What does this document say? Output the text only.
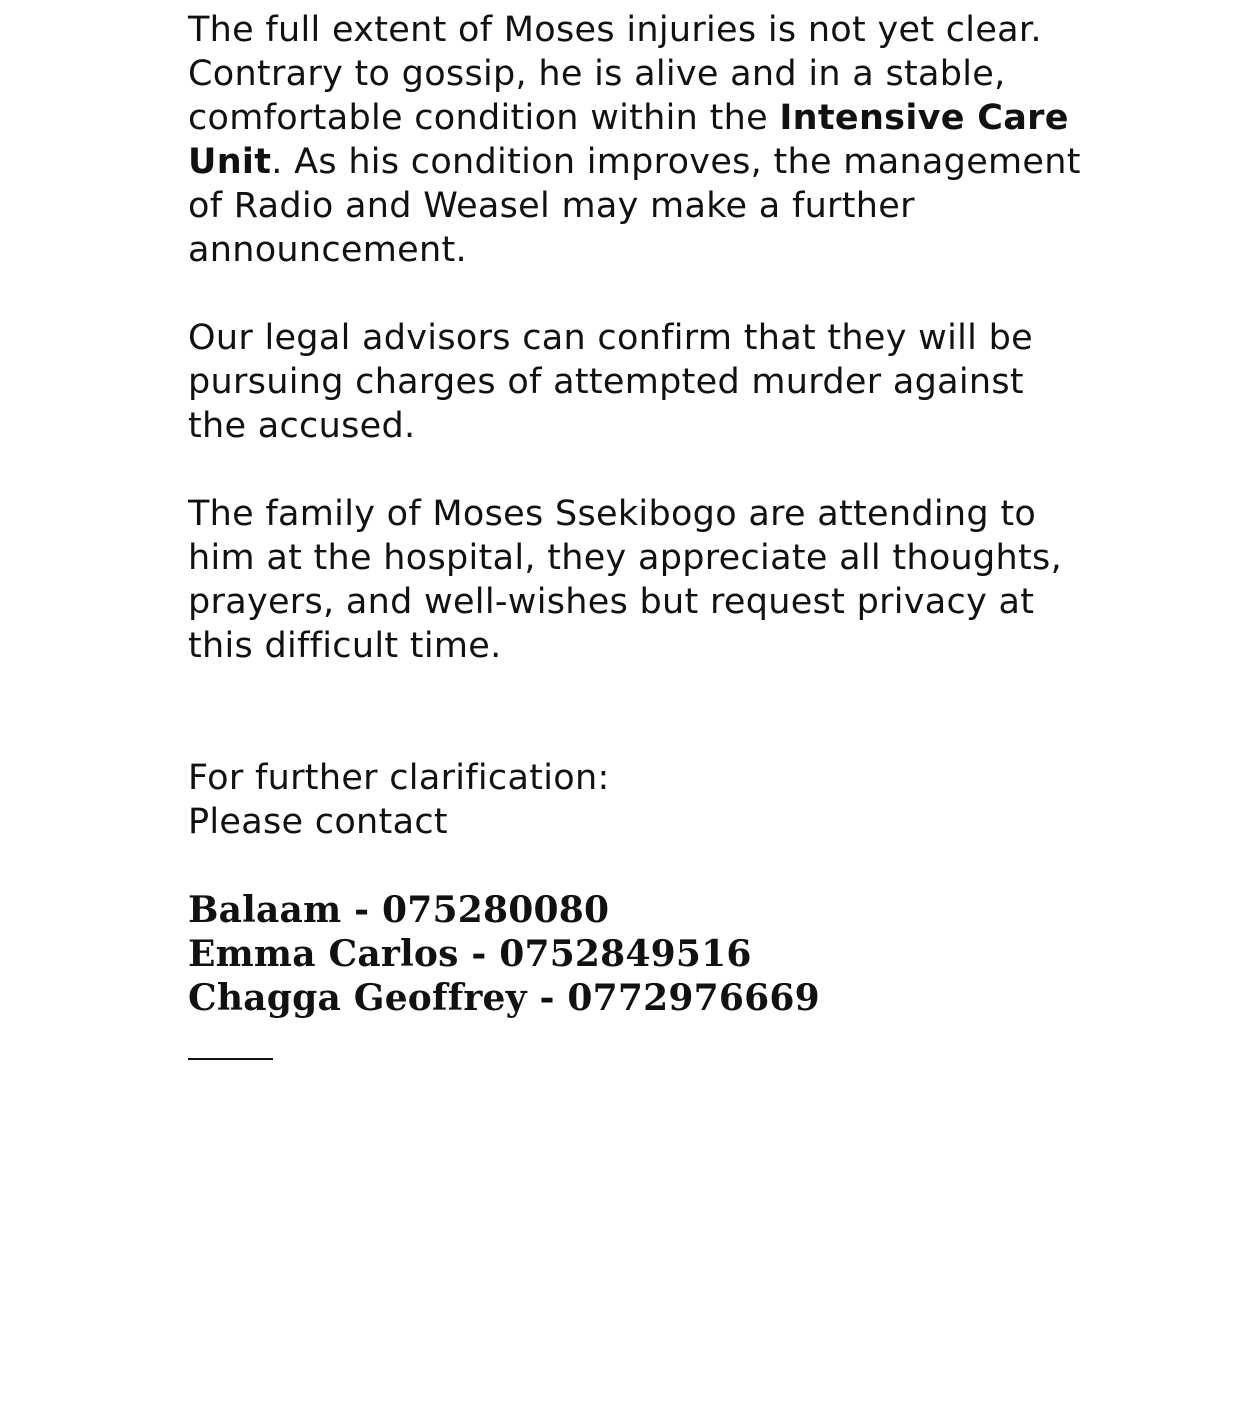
The full extent of Moses injuries is not yet clear. Contrary to gossip, he is alive and in a stable, comfortable condition within the Intensive Care Unit. As his condition improves, the management of Radio and Weasel may make a further announcement.

Our legal advisors can confirm that they will be pursuing charges of attempted murder against the accused.

The family of Moses Ssekibogo are attending to him at the hospital, they appreciate all thoughts, prayers, and well-wishes but request privacy at this difficult time.

For further clarification:
Please contact

Balaam - 075280080
Emma Carlos - 0752849516
Chagga Geoffrey - 0772976669
